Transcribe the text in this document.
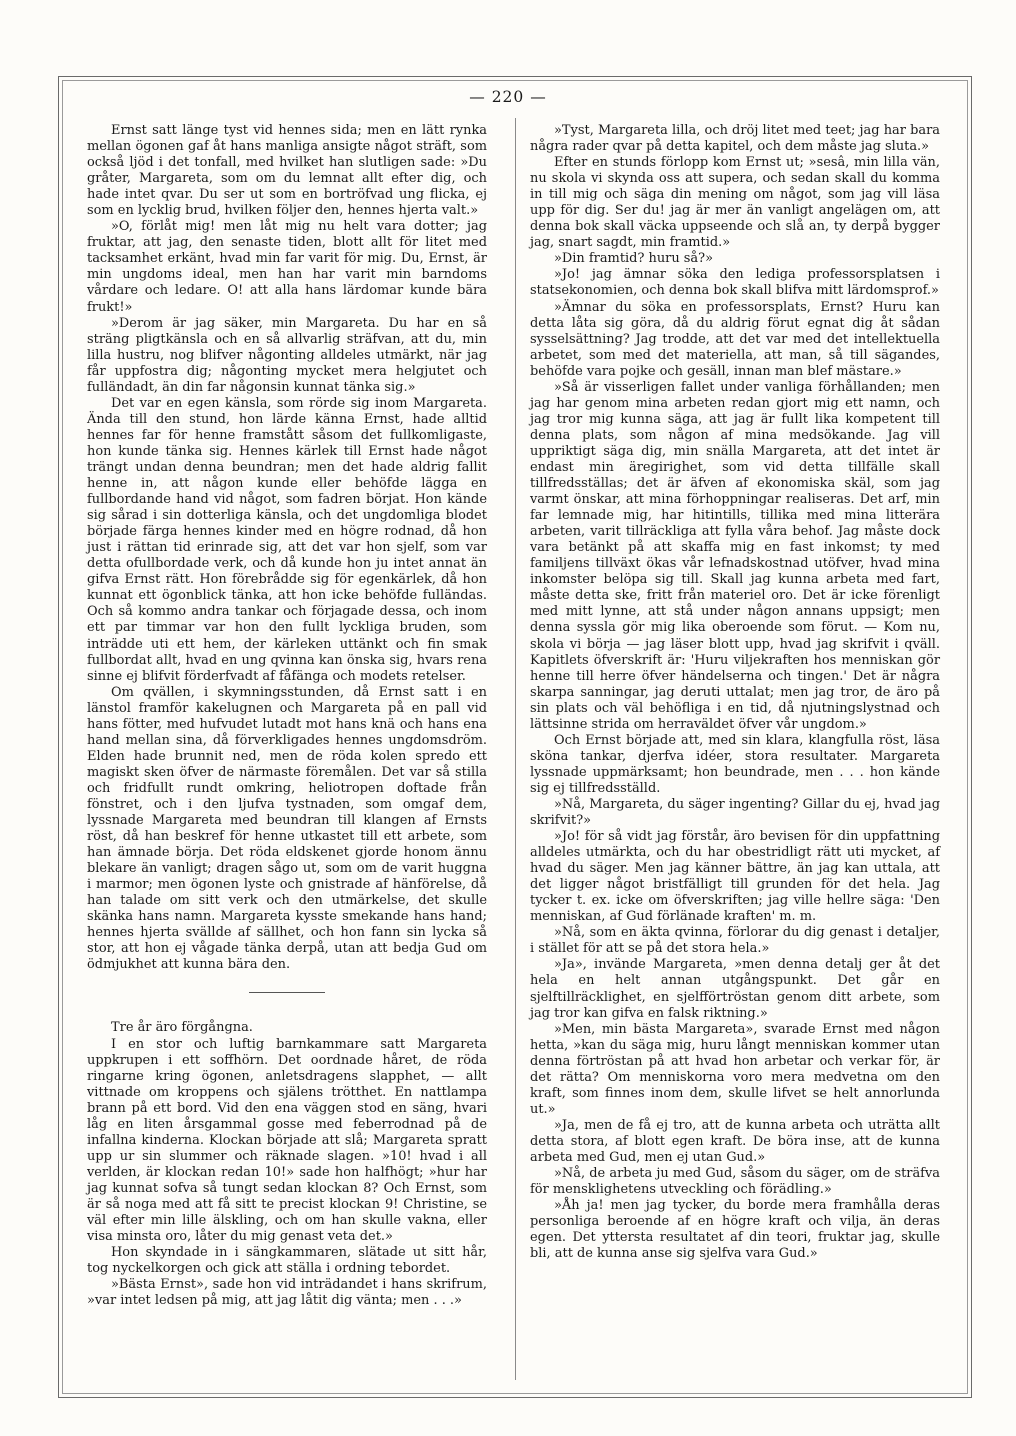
— 220 —

Ernst satt länge tyst vid hennes sida; men en lätt rynka mellan ögonen gaf åt hans manliga ansigte något sträft, som också ljöd i det tonfall, med hvilket han slutligen sade: »Du gråter, Margareta, som om du lemnat allt efter dig, och hade intet qvar. Du ser ut som en bortröfvad ung flicka, ej som en lycklig brud, hvilken följer den, hennes hjerta valt.»

»O, förlåt mig! men låt mig nu helt vara dotter; jag fruktar, att jag, den senaste tiden, blott allt för litet med tacksamhet erkänt, hvad min far varit för mig. Du, Ernst, är min ungdoms ideal, men han har varit min barndoms vårdare och ledare. O! att alla hans lärdomar kunde bära frukt!»

»Derom är jag säker, min Margareta. Du har en så sträng pligtkänsla och en så allvarlig sträfvan, att du, min lilla hustru, nog blifver någonting alldeles utmärkt, när jag får uppfostra dig; någonting mycket mera helgjutet och fulländadt, än din far någonsin kunnat tänka sig.»

Det var en egen känsla, som rörde sig inom Margareta. Ända till den stund, hon lärde känna Ernst, hade alltid hennes far för henne framstått såsom det fullkomligaste, hon kunde tänka sig. Hennes kärlek till Ernst hade något trängt undan denna beundran; men det hade aldrig fallit henne in, att någon kunde eller behöfde lägga en fullbordande hand vid något, som fadren börjat. Hon kände sig sårad i sin dotterliga känsla, och det ungdomliga blodet började färga hennes kinder med en högre rodnad, då hon just i rättan tid erinrade sig, att det var hon sjelf, som var detta ofullbordade verk, och då kunde hon ju intet annat än gifva Ernst rätt. Hon förebrådde sig för egenkärlek, då hon kunnat ett ögonblick tänka, att hon icke behöfde fulländas. Och så kommo andra tankar och förjagade dessa, och inom ett par timmar var hon den fullt lyckliga bruden, som inträdde uti ett hem, der kärleken uttänkt och fin smak fullbordat allt, hvad en ung qvinna kan önska sig, hvars rena sinne ej blifvit förderfvadt af fåfänga och modets retelser.

Om qvällen, i skymningsstunden, då Ernst satt i en länstol framför kakelugnen och Margareta på en pall vid hans fötter, med hufvudet lutadt mot hans knä och hans ena hand mellan sina, då förverkligades hennes ungdomsdröm. Elden hade brunnit ned, men de röda kolen spredo ett magiskt sken öfver de närmaste föremålen. Det var så stilla och fridfullt rundt omkring, heliotropen doftade från fönstret, och i den ljufva tystnaden, som omgaf dem, lyssnade Margareta med beundran till klangen af Ernsts röst, då han beskref för henne utkastet till ett arbete, som han ämnade börja. Det röda eldskenet gjorde honom ännu blekare än vanligt; dragen sågo ut, som om de varit huggna i marmor; men ögonen lyste och gnistrade af hänförelse, då han talade om sitt verk och den utmärkelse, det skulle skänka hans namn. Margareta kysste smekande hans hand; hennes hjerta svällde af sällhet, och hon fann sin lycka så stor, att hon ej vågade tänka derpå, utan att bedja Gud om ödmjukhet att kunna bära den.

Tre år äro förgångna.

I en stor och luftig barnkammare satt Margareta uppkrupen i ett soffhörn. Det oordnade håret, de röda ringarne kring ögonen, anletsdragens slapphet, — allt vittnade om kroppens och själens trötthet. En nattlampa brann på ett bord. Vid den ena väggen stod en säng, hvari låg en liten årsgammal gosse med feberrodnad på de infallna kinderna. Klockan började att slå; Margareta spratt upp ur sin slummer och räknade slagen. »10! hvad i all verlden, är klockan redan 10!» sade hon halfhögt; »hur har jag kunnat sofva så tungt sedan klockan 8? Och Ernst, som är så noga med att få sitt te precist klockan 9! Christine, se väl efter min lille älskling, och om han skulle vakna, eller visa minsta oro, låter du mig genast veta det.»

Hon skyndade in i sängkammaren, slätade ut sitt hår, tog nyckelkorgen och gick att ställa i ordning tebordet.

»Bästa Ernst», sade hon vid inträdandet i hans skrifrum, »var intet ledsen på mig, att jag låtit dig vänta; men . . .»

»Tyst, Margareta lilla, och dröj litet med teet; jag har bara några rader qvar på detta kapitel, och dem måste jag sluta.»

Efter en stunds förlopp kom Ernst ut; »sesâ, min lilla vän, nu skola vi skynda oss att supera, och sedan skall du komma in till mig och säga din mening om något, som jag vill läsa upp för dig. Ser du! jag är mer än vanligt angelägen om, att denna bok skall väcka uppseende och slå an, ty derpå bygger jag, snart sagdt, min framtid.»

»Din framtid? huru så?»

»Jo! jag ämnar söka den lediga professorsplatsen i statsekonomien, och denna bok skall blifva mitt lärdomsprof.»

»Ämnar du söka en professorsplats, Ernst? Huru kan detta låta sig göra, då du aldrig förut egnat dig åt sådan sysselsättning? Jag trodde, att det var med det intellektuella arbetet, som med det materiella, att man, så till sägandes, behöfde vara pojke och gesäll, innan man blef mästare.»

»Så är visserligen fallet under vanliga förhållanden; men jag har genom mina arbeten redan gjort mig ett namn, och jag tror mig kunna säga, att jag är fullt lika kompetent till denna plats, som någon af mina medsökande. Jag vill uppriktigt säga dig, min snälla Margareta, att det intet är endast min äregirighet, som vid detta tillfälle skall tillfredsställas; det är äfven af ekonomiska skäl, som jag varmt önskar, att mina förhoppningar realiseras. Det arf, min far lemnade mig, har hitintills, tillika med mina litterära arbeten, varit tillräckliga att fylla våra behof. Jag måste dock vara betänkt på att skaffa mig en fast inkomst; ty med familjens tillväxt ökas vår lefnadskostnad utöfver, hvad mina inkomster belöpa sig till. Skall jag kunna arbeta med fart, måste detta ske, fritt från materiel oro. Det är icke förenligt med mitt lynne, att stå under någon annans uppsigt; men denna syssla gör mig lika oberoende som förut. — Kom nu, skola vi börja — jag läser blott upp, hvad jag skrifvit i qväll. Kapitlets öfverskrift är: 'Huru viljekraften hos menniskan gör henne till herre öfver händelserna och tingen.' Det är några skarpa sanningar, jag deruti uttalat; men jag tror, de äro på sin plats och väl behöfliga i en tid, då njutningslystnad och lättsinne strida om herraväldet öfver vår ungdom.»

Och Ernst började att, med sin klara, klangfulla röst, läsa sköna tankar, djerfva idéer, stora resultater. Margareta lyssnade uppmärksamt; hon beundrade, men . . . hon kände sig ej tillfredsställd.

»Nå, Margareta, du säger ingenting? Gillar du ej, hvad jag skrifvit?»

»Jo! för så vidt jag förstår, äro bevisen för din uppfattning alldeles utmärkta, och du har obestridligt rätt uti mycket, af hvad du säger. Men jag känner bättre, än jag kan uttala, att det ligger något bristfälligt till grunden för det hela. Jag tycker t. ex. icke om öfverskriften; jag ville hellre säga: 'Den menniskan, af Gud förlänade kraften' m. m.

»Nå, som en äkta qvinna, förlorar du dig genast i detaljer, i stället för att se på det stora hela.»

»Ja», invände Margareta, »men denna detalj ger åt det hela en helt annan utgångspunkt. Det går en sjelftillräcklighet, en sjelfförtröstan genom ditt arbete, som jag tror kan gifva en falsk riktning.»

»Men, min bästa Margareta», svarade Ernst med någon hetta, »kan du säga mig, huru långt menniskan kommer utan denna förtröstan på att hvad hon arbetar och verkar för, är det rätta? Om menniskorna voro mera medvetna om den kraft, som finnes inom dem, skulle lifvet se helt annorlunda ut.»

»Ja, men de få ej tro, att de kunna arbeta och uträtta allt detta stora, af blott egen kraft. De böra inse, att de kunna arbeta med Gud, men ej utan Gud.»

»Nå, de arbeta ju med Gud, såsom du säger, om de sträfva för mensklighetens utveckling och förädling.»

»Åh ja! men jag tycker, du borde mera framhålla deras personliga beroende af en högre kraft och vilja, än deras egen. Det yttersta resultatet af din teori, fruktar jag, skulle bli, att de kunna anse sig sjelfva vara Gud.»
